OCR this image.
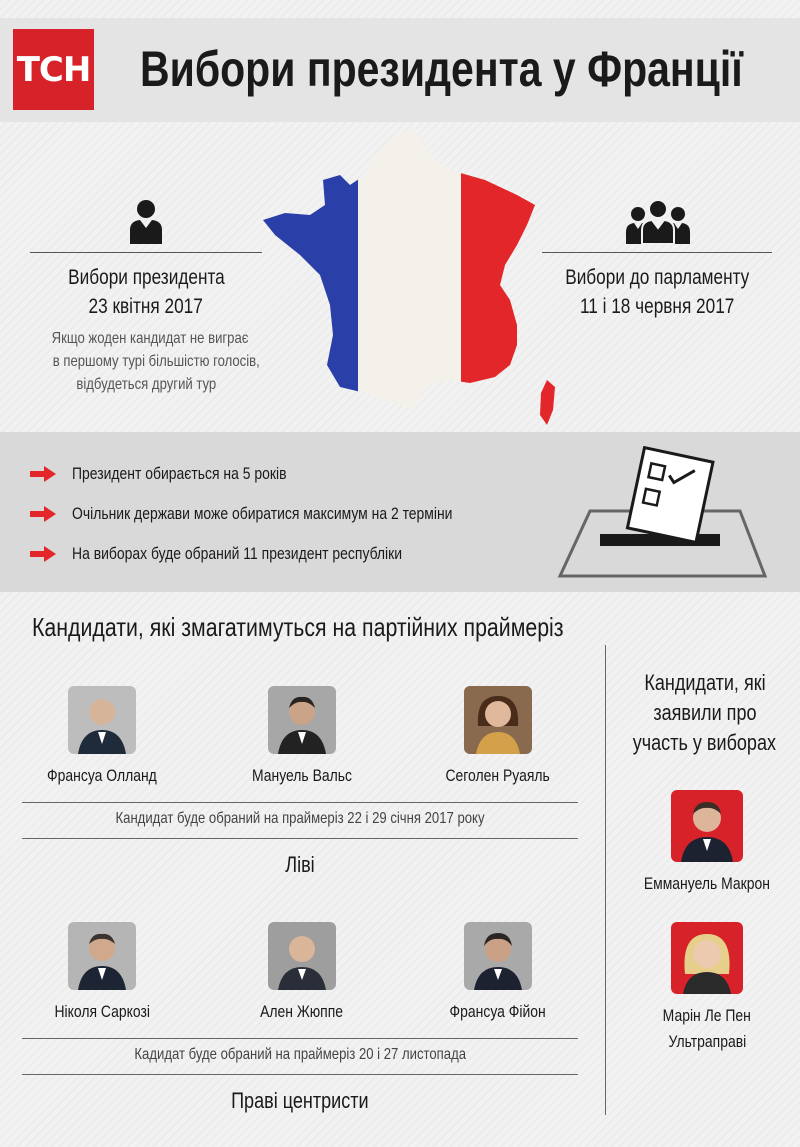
ТСН Вибори президента у Франції
Вибори президента
23 квітня 2017
Якщо жоден кандидат не виграє
в першому турі більшістю голосів,
відбудеться другий тур
Вибори до парламенту
11 і 18 червня 2017
Президент обирається на 5 років
Очільник держави може обиратися максимум на 2 терміни
На виборах буде обраний 11 президент республіки
Кандидати, які змагатимуться на партійних праймеріз
Франсуа Олланд	Мануель Вальс	Сеголен Руаяль
Кандидат буде обраний на праймеріз 22 і 29 січня 2017 року
Ліві
Ніколя Саркозі	Ален Жюппе	Франсуа Фійон
Кадидат буде обраний на праймеріз 20 і 27 листопада
Праві центристи
Кандидати, які
заявили про
участь у виборах
Еммануель Макрон
Марін Ле Пен
Ультраправі
